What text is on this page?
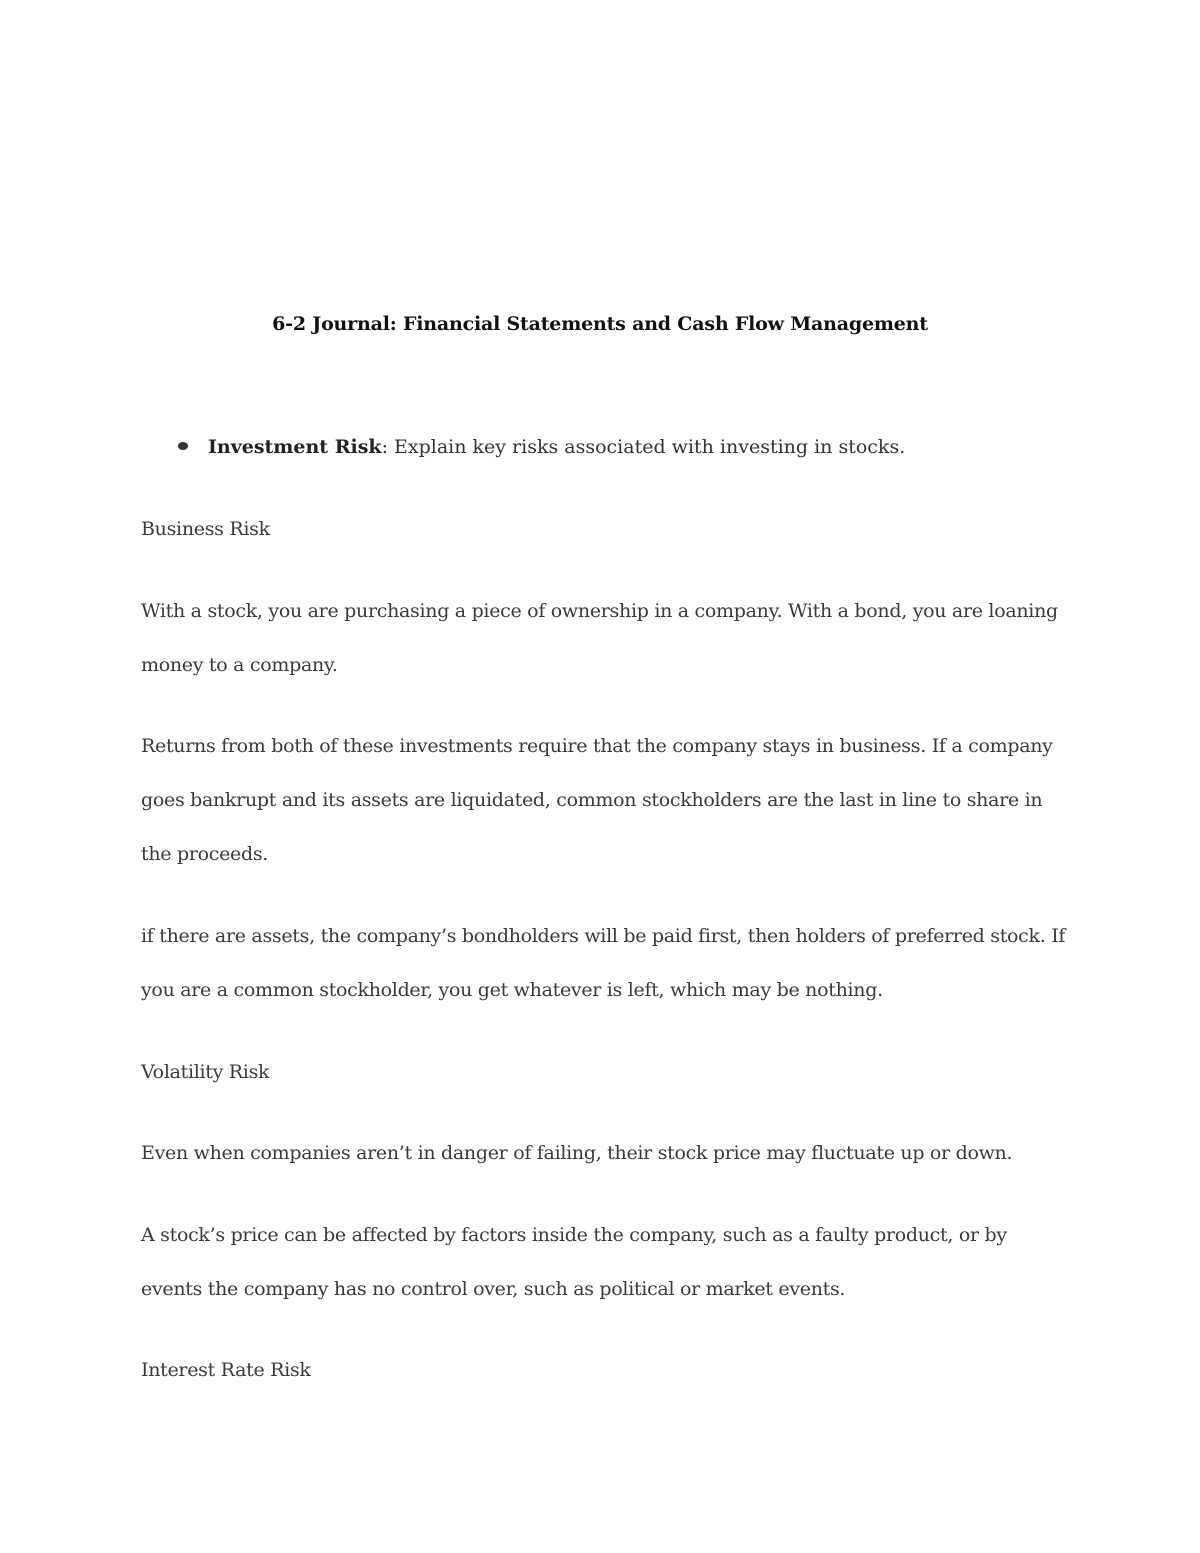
6-2 Journal: Financial Statements and Cash Flow Management
Investment Risk: Explain key risks associated with investing in stocks.
Business Risk
With a stock, you are purchasing a piece of ownership in a company. With a bond, you are loaning money to a company.
Returns from both of these investments require that the company stays in business. If a company goes bankrupt and its assets are liquidated, common stockholders are the last in line to share in the proceeds.
if there are assets, the company’s bondholders will be paid first, then holders of preferred stock. If you are a common stockholder, you get whatever is left, which may be nothing.
Volatility Risk
Even when companies aren’t in danger of failing, their stock price may fluctuate up or down.
A stock’s price can be affected by factors inside the company, such as a faulty product, or by events the company has no control over, such as political or market events.
Interest Rate Risk
